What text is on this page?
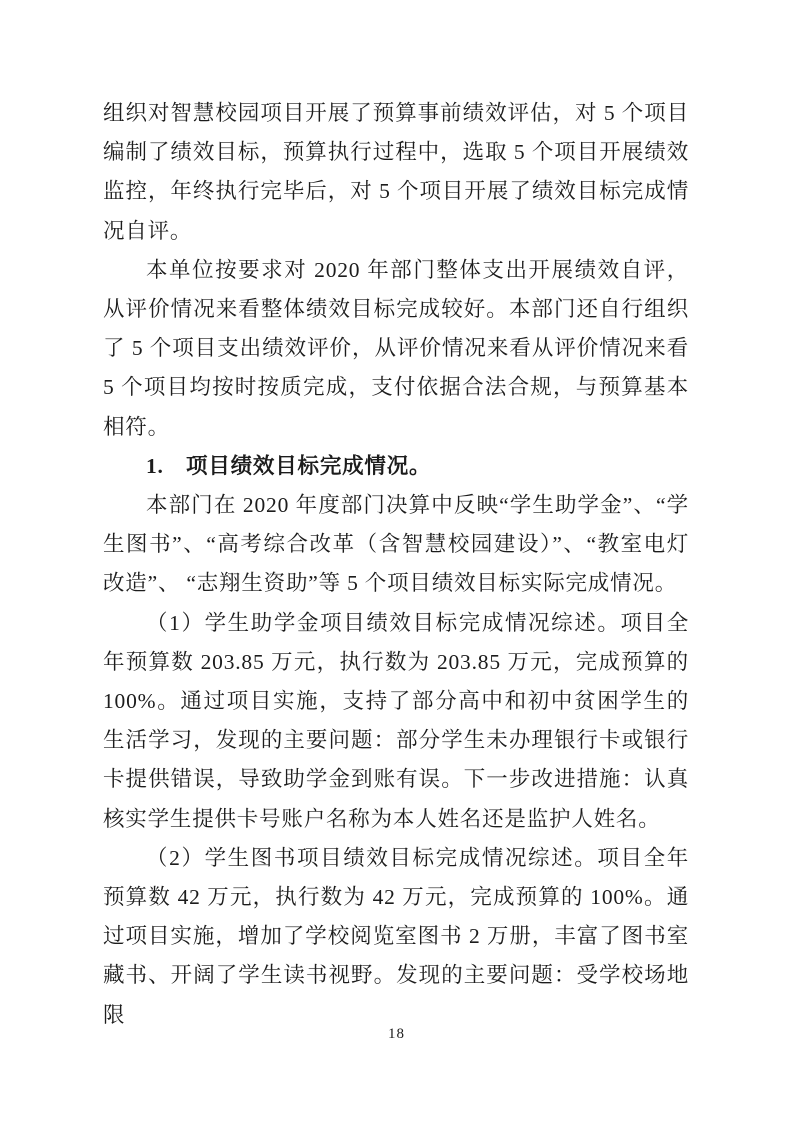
组织对智慧校园项目开展了预算事前绩效评估，对 5 个项目编制了绩效目标，预算执行过程中，选取 5 个项目开展绩效监控，年终执行完毕后，对 5 个项目开展了绩效目标完成情况自评。

本单位按要求对 2020 年部门整体支出开展绩效自评，从评价情况来看整体绩效目标完成较好。本部门还自行组织了 5 个项目支出绩效评价，从评价情况来看从评价情况来看 5 个项目均按时按质完成，支付依据合法合规，与预算基本相符。

1.　项目绩效目标完成情况。

本部门在 2020 年度部门决算中反映“学生助学金”、“学生图书”、“高考综合改革（含智慧校园建设）”、“教室电灯改造”、 “志翔生资助”等 5 个项目绩效目标实际完成情况。

（1）学生助学金项目绩效目标完成情况综述。项目全年预算数 203.85 万元，执行数为 203.85 万元，完成预算的 100%。通过项目实施，支持了部分高中和初中贫困学生的生活学习，发现的主要问题：部分学生未办理银行卡或银行卡提供错误，导致助学金到账有误。下一步改进措施：认真核实学生提供卡号账户名称为本人姓名还是监护人姓名。

（2）学生图书项目绩效目标完成情况综述。项目全年预算数 42 万元，执行数为 42 万元，完成预算的 100%。通过项目实施，增加了学校阅览室图书 2 万册，丰富了图书室藏书、开阔了学生读书视野。发现的主要问题：受学校场地限

18
